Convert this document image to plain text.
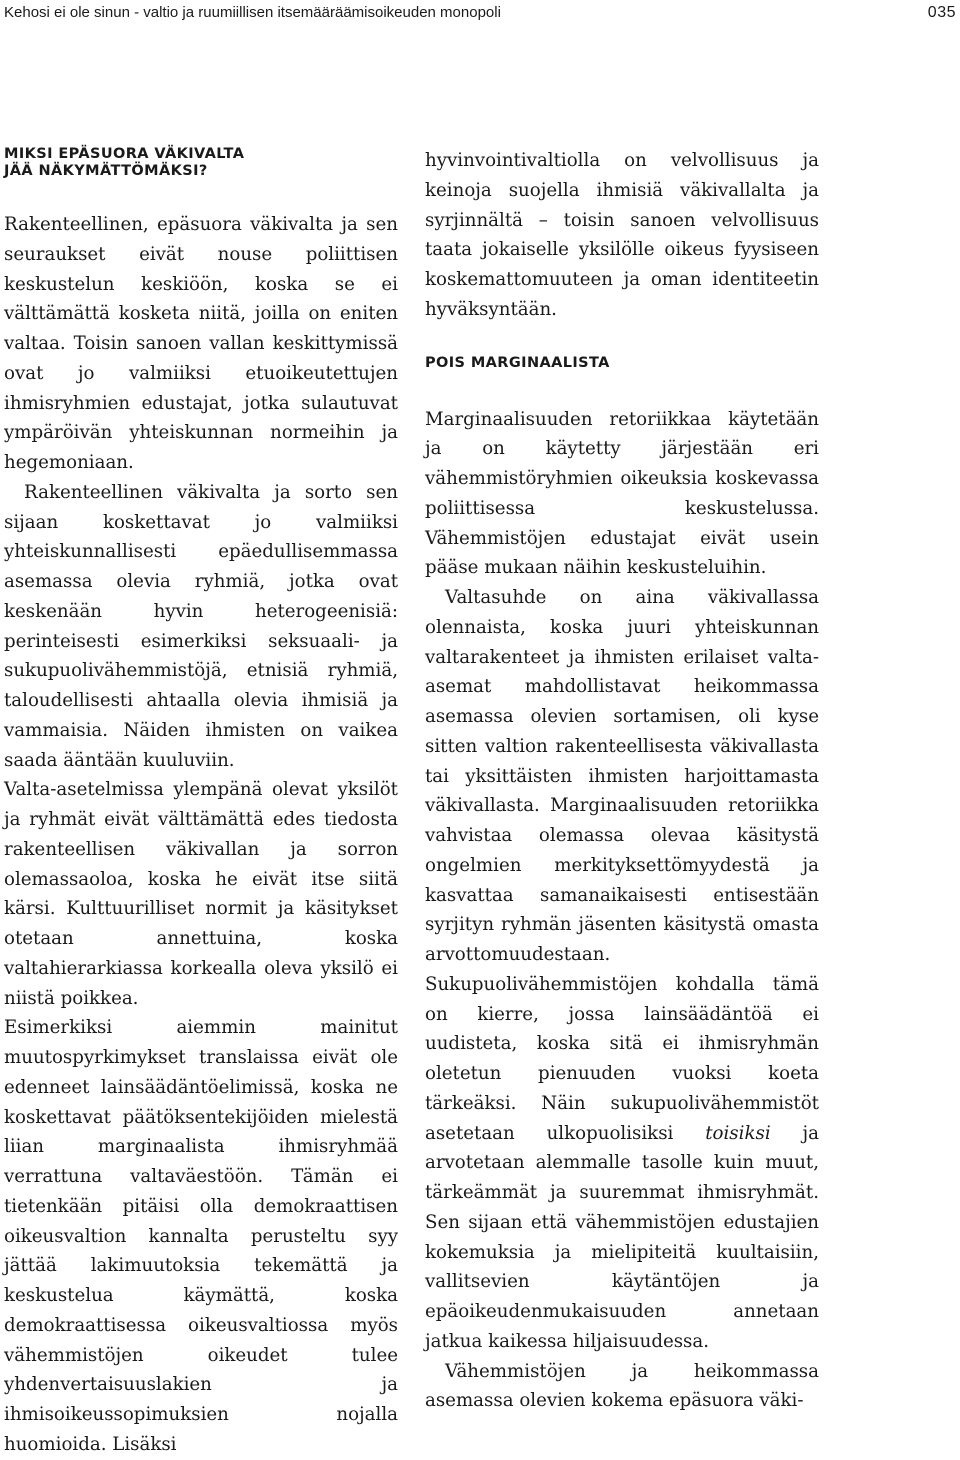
Kehosi ei ole sinun - valtio ja ruumiillisen itsemääräämisoikeuden monopoli	035
MIKSI EPÄSUORA VÄKIVALTA
JÄÄ NÄKYMÄTTÖMÄKSI?

Rakenteellinen, epäsuora väkivalta ja sen seuraukset eivät nouse poliittisen keskustelun keskiöön, koska se ei välttämättä kosketa niitä, joilla on eniten valtaa. Toisin sanoen vallan keskittymissä ovat jo valmiiksi etuoikeutettujen ihmisryhmien edustajat, jotka sulautuvat ympäröivän yhteiskunnan normeihin ja hegemoniaan.

Rakenteellinen väkivalta ja sorto sen sijaan koskettavat jo valmiiksi yhteiskunnallisesti epäedullisemmassa asemassa olevia ryhmiä, jotka ovat keskenään hyvin heterogeenisiä: perinteisesti esimerkiksi seksuaali- ja sukupuolivähemmistöjä, etnisiä ryhmiä, taloudellisesti ahtaalla olevia ihmisiä ja vammaisia. Näiden ihmisten on vaikea saada ääntään kuuluviin.

Valta-asetelmissa ylempänä olevat yksilöt ja ryhmät eivät välttämättä edes tiedosta rakenteellisen väkivallan ja sorron olemassaoloa, koska he eivät itse siitä kärsi. Kulttuurilliset normit ja käsitykset otetaan annettuina, koska valtahierarkiassa korkealla oleva yksilö ei niistä poikkea.

Esimerkiksi aiemmin mainitut muutospyrkimykset translaissa eivät ole edenneet lainsäädäntöelimissä, koska ne koskettavat päätöksentekijöiden mielestä liian marginaalista ihmisryhmää verrattuna valtaväestöön. Tämän ei tietenkään pitäisi olla demokraattisen oikeusvaltion kannalta perusteltu syy jättää lakimuutoksia tekemättä ja keskustelua käymättä, koska demokraattisessa oikeusvaltiossa myös vähemmistöjen oikeudet tulee yhdenvertaisuuslakien ja ihmisoikeussopimuksien nojalla huomioida. Lisäksi

hyvinvointivaltiolla on velvollisuus ja keinoja suojella ihmisiä väkivallalta ja syrjinnältä – toisin sanoen velvollisuus taata jokaiselle yksilölle oikeus fyysiseen koskemattomuuteen ja oman identiteetin hyväksyntään.

POIS MARGINAALISTA

Marginaalisuuden retoriikkaa käytetään ja on käytetty järjestään eri vähemmistöryhmien oikeuksia koskevassa poliittisessa keskustelussa. Vähemmistöjen edustajat eivät usein pääse mukaan näihin keskusteluihin.

Valtasuhde on aina väkivallassa olennaista, koska juuri yhteiskunnan valtarakenteet ja ihmisten erilaiset valta-asemat mahdollistavat heikommassa asemassa olevien sortamisen, oli kyse sitten valtion rakenteellisesta väkivallasta tai yksittäisten ihmisten harjoittamasta väkivallasta. Marginaalisuuden retoriikka vahvistaa olemassa olevaa käsitystä ongelmien merkityksettömyydestä ja kasvattaa samanaikaisesti entisestään syrjityn ryhmän jäsenten käsitystä omasta arvottomuudestaan. Sukupuolivähemmistöjen kohdalla tämä on kierre, jossa lainsäädäntöä ei uudisteta, koska sitä ei ihmisryhmän oletetun pienuuden vuoksi koeta tärkeäksi. Näin sukupuolivähemmistöt asetetaan ulkopuolisiksi toisiksi ja arvotetaan alemmalle tasolle kuin muut, tärkeämmät ja suuremmat ihmisryhmät. Sen sijaan että vähemmistöjen edustajien kokemuksia ja mielipiteitä kuultaisiin, vallitsevien käytäntöjen ja epäoikeudenmukaisuuden annetaan jatkua kaikessa hiljaisuudessa.

Vähemmistöjen ja heikommassa asemassa olevien kokema epäsuora väki-
